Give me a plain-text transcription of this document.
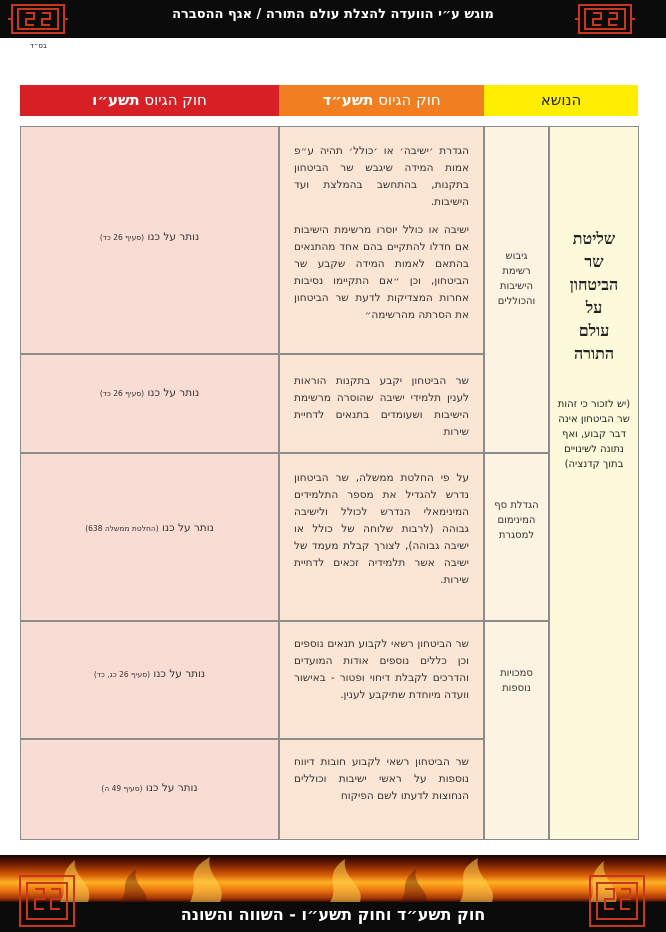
מוגש ע״י הוועדה להצלת עולם התורה / אגף ההסברה
בס״ד
הנושא
חוק הגיוס תשע״ד
חוק הגיוס תשע״ו
שליטת
שר
הביטחון
על
עולם
התורה
(יש לזכור כי זהות שר הביטחון אינה דבר קבוע, ואף נתונה לשינויים בתוך קדנציה)
גיבוש
רשימת
הישיבות
והכוללים
הגדלת סף
המינימום
למסגרת
סמכויות
נוספות

הגדרת ׳ישיבה׳ או ׳כולל׳ תהיה ע״פ אמות המידה שיגבש שר הביטחון בתקנות, בהתחשב בהמלצת ועד הישיבות.

ישיבה או כולל יוסרו מרשימת הישיבות אם חדלו להתקיים בהם אחד מהתנאים בהתאם לאמות המידה שקבע שר הביטחון, וכן ״אם התקיימו נסיבות אחרות המצדיקות לדעת שר הביטחון את הסרתה מהרשימה״

שר הביטחון יקבע בתקנות הוראות לענין תלמידי ישיבה שהוסרה מרשימת הישיבות ושעומדים בתנאים לדחיית שירות

על פי החלטת ממשלה, שר הביטחון נדרש להגדיל את מספר התלמידים המינימאלי הנדרש לכולל ולישיבה גבוהה (לרבות שלוחה של כולל או ישיבה גבוהה), לצורך קבלת מעמד של ישיבה אשר תלמידיה זכאים לדחיית שירות.

שר הביטחון רשאי לקבוע תנאים נוספים וכן כללים נוספים אודות המועדים והדרכים לקבלת דיחוי ופטור - באישור וועדה מיוחדת שתיקבע לענין.

שר הביטחון רשאי לקבוע חובות דיווח נוספות על ראשי ישיבות וכוללים הנחוצות לדעתו לשם הפיקוח

נותר על כנו (סעיף 26 כד)
נותר על כנו (סעיף 26 כד)
נותר על כנו (החלטת ממשלה 638)
נותר על כנו (סעיף 26 כג, כד)
נותר על כנו (סעיף 49 ה)
חוק תשע״ד וחוק תשע״ו - השווה והשונה
